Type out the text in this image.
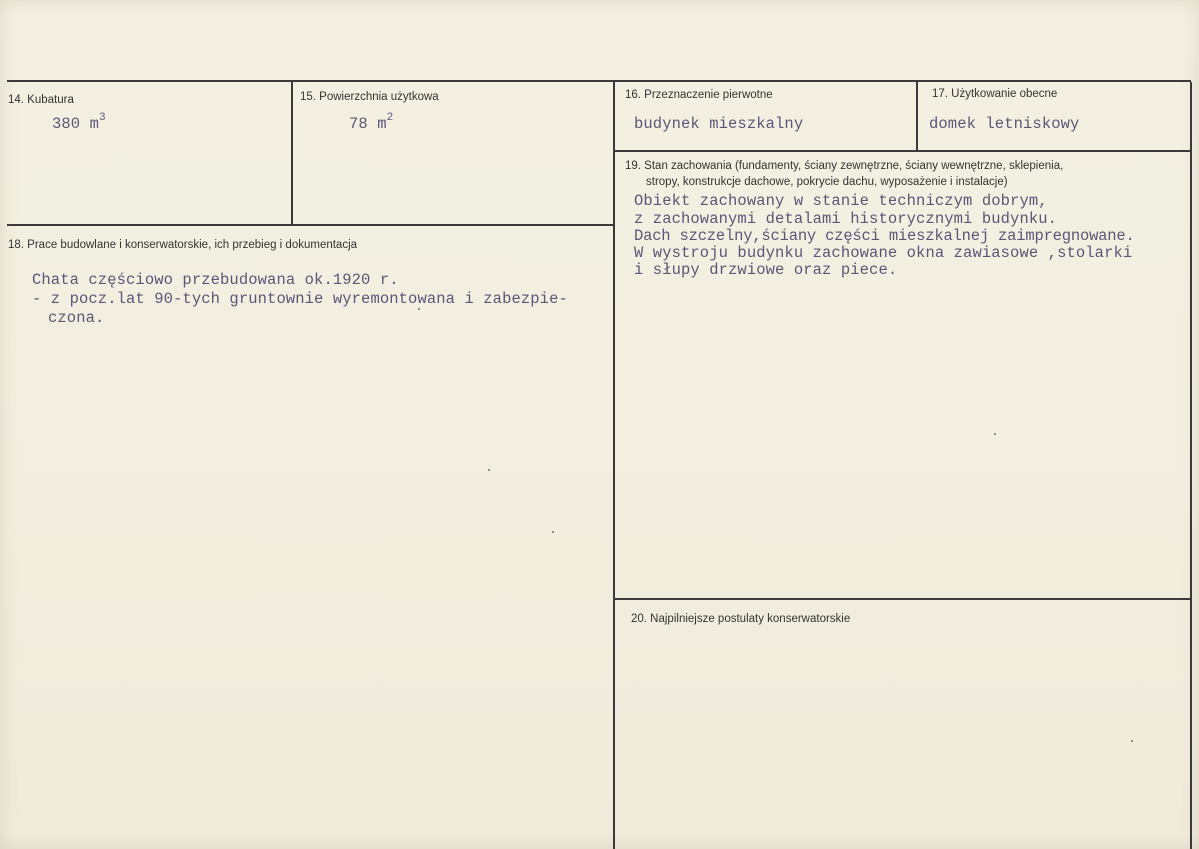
14. Kubatura
380 $m^3$
15. Powierzchnia użytkowa
78 $m^2$
16. Przeznaczenie pierwotne
budynek mieszkalny
17. Użytkowanie obecne
domek letniskowy
18. Prace budowlane i konserwatorskie, ich przebieg i dokumentacja
Chata częściowo przebudowana ok.1920 r.
- z pocz.lat 90-tych gruntownie wyremontowana i zabezpie-
czona.
19. Stan zachowania (fundamenty, ściany zewnętrzne, ściany wewnętrzne, sklepienia,
stropy, konstrukcje dachowe, pokrycie dachu, wyposażenie i instalacje)
Obiekt zachowany w stanie techniczym dobrym,
z zachowanymi detalami historycznymi budynku.
Dach szczelny,ściany części mieszkalnej zaimpregnowane.
W wystroju budynku zachowane okna zawiasowe ,stolarki
i słupy drzwiowe oraz piece.
20. Najpilniejsze postulaty konserwatorskie
